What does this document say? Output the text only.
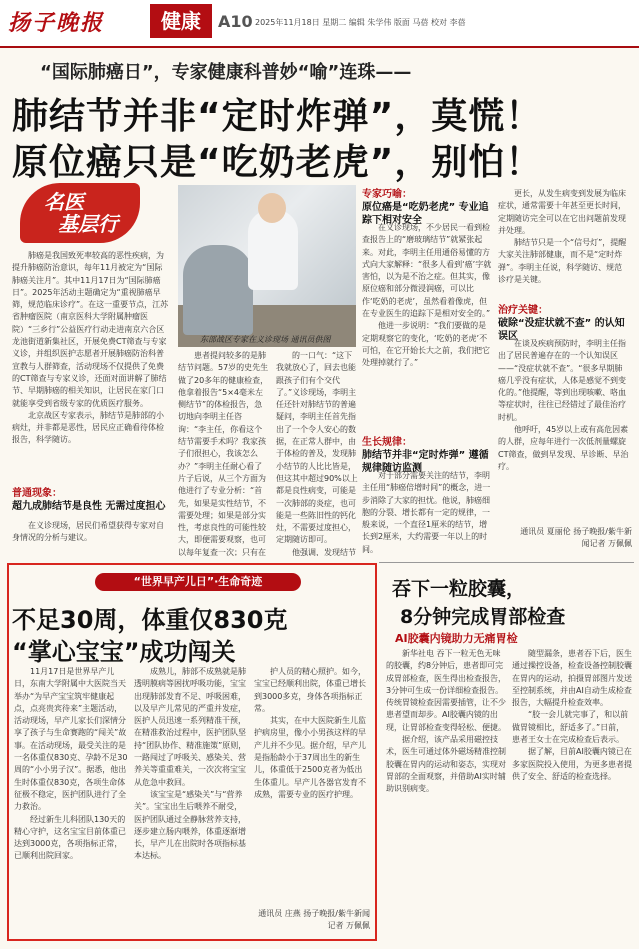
扬子晚报	健康	A10 2025年11月18日 星期二 编辑 朱学伟 版面 马蓓 校对 李蓓
“国际肺癌日”，专家健康科普妙“喻”连珠——
肺结节并非“定时炸弹”，莫慌！
原位癌只是“吃奶老虎”，别怕！
名医
基层行

肺癌是我国致死率较高的恶性疾病，为提升肺癌防治意识，每年11月被定为“国际肺癌关注月”。其中11月17日为“国际肺癌日”。2025年活动主题确定为“重视肺癌早筛，规范临床诊疗”。在这一重要节点，江苏省肿瘤医院（南京医科大学附属肿瘤医院）“三乡行”公益医疗行动走进南京六合区龙池街道新集社区，开展免费CT筛查与专家义诊，并组织医护志愿者开展肺癌防治科普宣教与人群筛查，活动现场不仅提供了免费的CT筛查与专家义诊，还面对面讲解了肺结节、早期肺癌的相关知识，让居民在家门口就能享受到省级专家的优质医疗服务。

北京战区专家表示，肺结节是肺部的小病灶，并非都是恶性，居民应正确看待体检报告，科学随访。

普通现象：
超九成肺结节是良性 无需过度担心

在义诊现场，居民们希望获得专家对自身情况的分析与建议。

东部战区专家在义诊现场 通讯员供图

患者提问较多的是肺结节问题。57岁的史先生做了20多年的健康检查，他拿着报告“5×4毫米左侧结节”的体检报告，急切地向李明主任咨询：“李主任，你看这个结节需要手术吗？我家孩子们很担心，我该怎么办？”李明主任耐心看了片子后说，从三个方面为他进行了专业分析：“首先，如果是实性结节，不需要处理；如果是部分实性，考虑良性的可能性较大，即便需要观察，也可以每年复查一次；只有在

的一口气：“这下我就放心了，回去也能跟孩子们有个交代了。”义诊现场，李明主任还针对肺结节的普遍疑问，李明主任首先指出了一个令人安心的数据，在正常人群中，由于体检的普及，发现肺小结节的人比比皆是，但这其中超过90%以上都是良性病变，可能是一次肺部的炎症，也可能是一些陈旧性的钙化灶，不需要过度担心，定期随访即可。

他强调，发现结节

专家巧喻：
原位癌是“吃奶老虎” 专业追踪下相对安全

在义诊现场，不少居民一看到检查报告上的“磨玻璃结节”就紧张起来。对此，李明主任用通俗易懂的方式向大家解释：“很多人看到‘癌’字就害怕，以为是不治之症。但其实，像原位癌和部分微浸润癌，可以比作‘吃奶的老虎’，虽然看着像虎，但在专业医生的追踪下是相对安全的。”

他进一步说明：“我们要做的是定期观察它的变化，‘吃奶的老虎’不可怕，在它开始长大之前，我们把它处理掉就行了。”

生长规律：
肺结节并非“定时炸弹” 遵循规律随访监测

对于部分需要关注的结节，李明主任用“肺癌倍增时间”的概念，进一步消除了大家的担忧。他说，肺癌细胞的分裂、增长都有一定的规律，一般来说，一个直径1厘米的结节，增长到2厘米，大约需要一年以上的时间。

更长，从发生病变到发展为临床症状，通常需要十年甚至更长时间，定期随访完全可以在它出问题前发现并处理。

肺结节只是一个“信号灯”，提醒大家关注肺部健康，而不是“定时炸弹”。李明主任说，科学随访、规范诊疗是关键。

治疗关键：
破除“没症状就不查” 的认知误区

在谈及疾病预防时，李明主任指出了居民普遍存在的一个认知误区——“没症状就不查”。“很多早期肺癌几乎没有症状，人体是感觉不到变化的。”他提醒，等到出现咳嗽、咯血等症状时，往往已经错过了最佳治疗时机。

他呼吁，45岁以上或有高危因素的人群，应每年进行一次低剂量螺旋CT筛查，做到早发现、早诊断、早治疗。

通讯员 夏丽伦 扬子晚报/紫牛新闻记者 万佩佩
“世界早产儿日”·生命奇迹
不足30周，体重仅830克
“掌心宝宝”成功闯关

11月17日是世界早产儿日，东南大学附属中大医院当天举办“为早产宝宝筑牢健康起点，点亮贵宾待来”主题活动，活动现场，早产儿家长们深情分享了孩子与生命赛跑的“闯关”故事。在活动现场，最受关注的是一名体重仅830克、孕龄不足30周的“小小男子汉”。据悉，他出生时体重仅830克，各项生命体征极不稳定，医护团队进行了全力救治。

经过新生儿科团队130天的精心守护，这名宝宝目前体重已达到3000克，各项指标正常，已顺利出院回家。

成熟儿，肺部不成熟就是肺透明膜病等困扰呼吸功能，宝宝出现肺部发育不足、呼吸困难，以及早产儿常见的严重并发症，医护人员迅速一系列精准干预，在精准救治过程中，医护团队坚持“团队协作、精准施策”原则，一路闯过了呼吸关、感染关、营养关等重重难关，一次次将宝宝从危急中救回。

该宝宝是“感染关”与“营养关”。宝宝出生后喂养不耐受，医护团队通过全静脉营养支持，逐步建立肠内喂养，体重逐渐增长，早产儿在出院时各项指标基本达标。

护人员的精心照护。如今，宝宝已经顺利出院，体重已增长到3000多克，身体各项指标正常。

其实，在中大医院新生儿监护病房里，像小小男孩这样的早产儿并不少见。据介绍，早产儿是指胎龄小于37周出生的新生儿，体重低于2500克者为低出生体重儿。早产儿各器官发育不成熟，需要专业的医疗护理。

通讯员 庄燕 扬子晚报/紫牛新闻记者 万佩佩
吞下一粒胶囊，
8分钟完成胃部检查
AI胶囊内镜助力无痛胃检

新华社电 吞下一粒无色无味的胶囊，约8分钟后，患者即可完成胃部检查，医生得出检查报告，3分钟可生成一份详细检查报告。传统胃镜检查因需要插管，让不少患者望而却步。AI胶囊内镜的出现，让胃部检查变得轻松、便捷。

据介绍，该产品采用磁控技术，医生可通过体外磁场精准控制胶囊在胃内的运动和姿态，实现对胃部的全面观察，并借助AI实时辅助识别病变。

随型漏条，患者吞下后，医生通过操控设备，检查设备控制胶囊在胃内的运动，拍摄胃部图片发送至控制系统，并由AI自动生成检查报告，大幅提升检查效率。

“胶一会儿就完事了，和以前做胃镜相比，舒适多了。”日前，患者王女士在完成检查后表示。

据了解，目前AI胶囊内镜已在多家医院投入使用，为更多患者提供了安全、舒适的检查选择。
